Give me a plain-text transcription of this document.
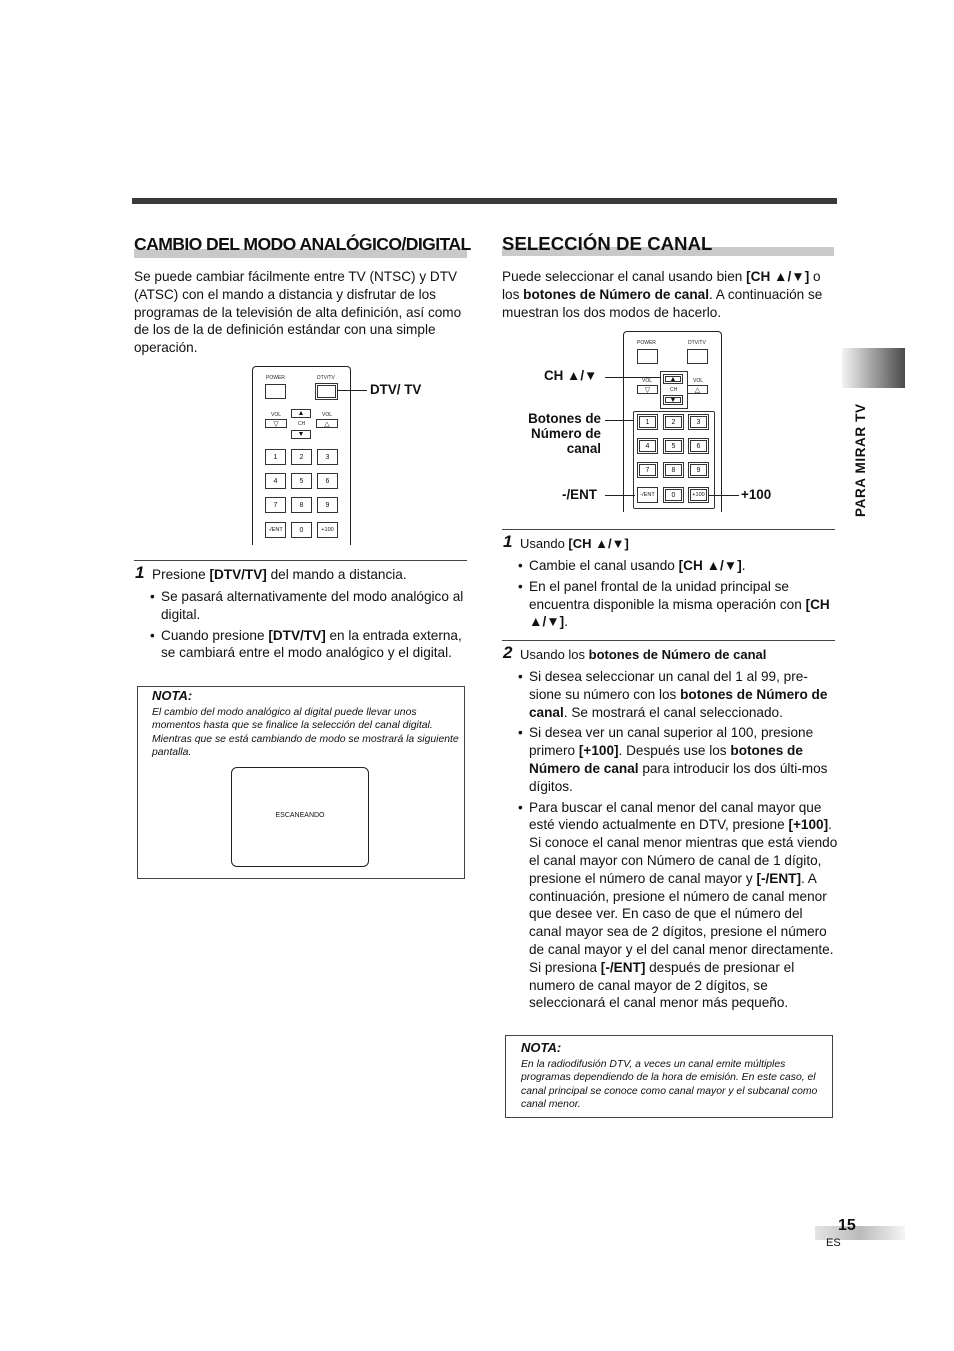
CAMBIO DEL MODO ANALÓGICO/DIGITAL

Se puede cambiar fácilmente entre TV (NTSC) y DTV (ATSC) con el mando a distancia y disfrutar de los programas de la televisión de alta definición, así como de los de la de definición estándar con una simple operación.

POWER	DTV/TV
VOL	VOL
▽	△
▲
CH
▼
1	2	3
4	5	6
7	8	9
-/ENT	0	+100
DTV/ TV
1 Presione [DTV/TV] del mando a distancia.

• Se pasará alternativamente del modo analógico al digital.
• Cuando presione [DTV/TV] en la entrada externa, se cambiará entre el modo analógico y el digital.
NOTA:

El cambio del modo analógico al digital puede llevar unos momentos hasta que se finalice la selección del canal digital. Mientras que se está cambiando de modo se mostrará la siguiente pantalla.

ESCANEANDO
SELECCIÓN DE CANAL

Puede seleccionar el canal usando bien [CH ▲/▼] o los botones de Número de canal. A continuación se muestran los dos modos de hacerlo.

POWER	DTV/TV
VOL	VOL
▽	△
▲
CH
▼
1	2	3
4	5	6
7	8	9
-/ENT	0	+100
CH ▲/▼
Botones de Número de canal
-/ENT	+100
1 Usando [CH ▲/▼]

• Cambie el canal usando [CH ▲/▼].
• En el panel frontal de la unidad principal se encuentra disponible la misma operación con [CH ▲/▼].
2 Usando los botones de Número de canal

• Si desea seleccionar un canal del 1 al 99, pre-sione su número con los botones de Número de canal. Se mostrará el canal seleccionado.
• Si desea ver un canal superior al 100, presione primero [+100]. Después use los botones de Número de canal para introducir los dos últi-mos dígitos.
• Para buscar el canal menor del canal mayor que esté viendo actualmente en DTV, presione [+100]. Si conoce el canal menor mientras que está viendo el canal mayor con Número de canal de 1 dígito, presione el número de canal mayor y [-/ENT]. A continuación, presione el número de canal menor que desee ver. En caso de que el número del canal mayor sea de 2 dígitos, presione el número de canal mayor y el del canal menor directamente. Si presiona [-/ENT] después de presionar el numero de canal mayor de 2 dígitos, se seleccionará el canal menor más pequeño.
NOTA:

En la radiodifusión DTV, a veces un canal emite múltiples programas dependiendo de la hora de emisión. En este caso, el canal principal se conoce como canal mayor y el subcanal como canal menor.

PARA MIRAR TV
15
ES
